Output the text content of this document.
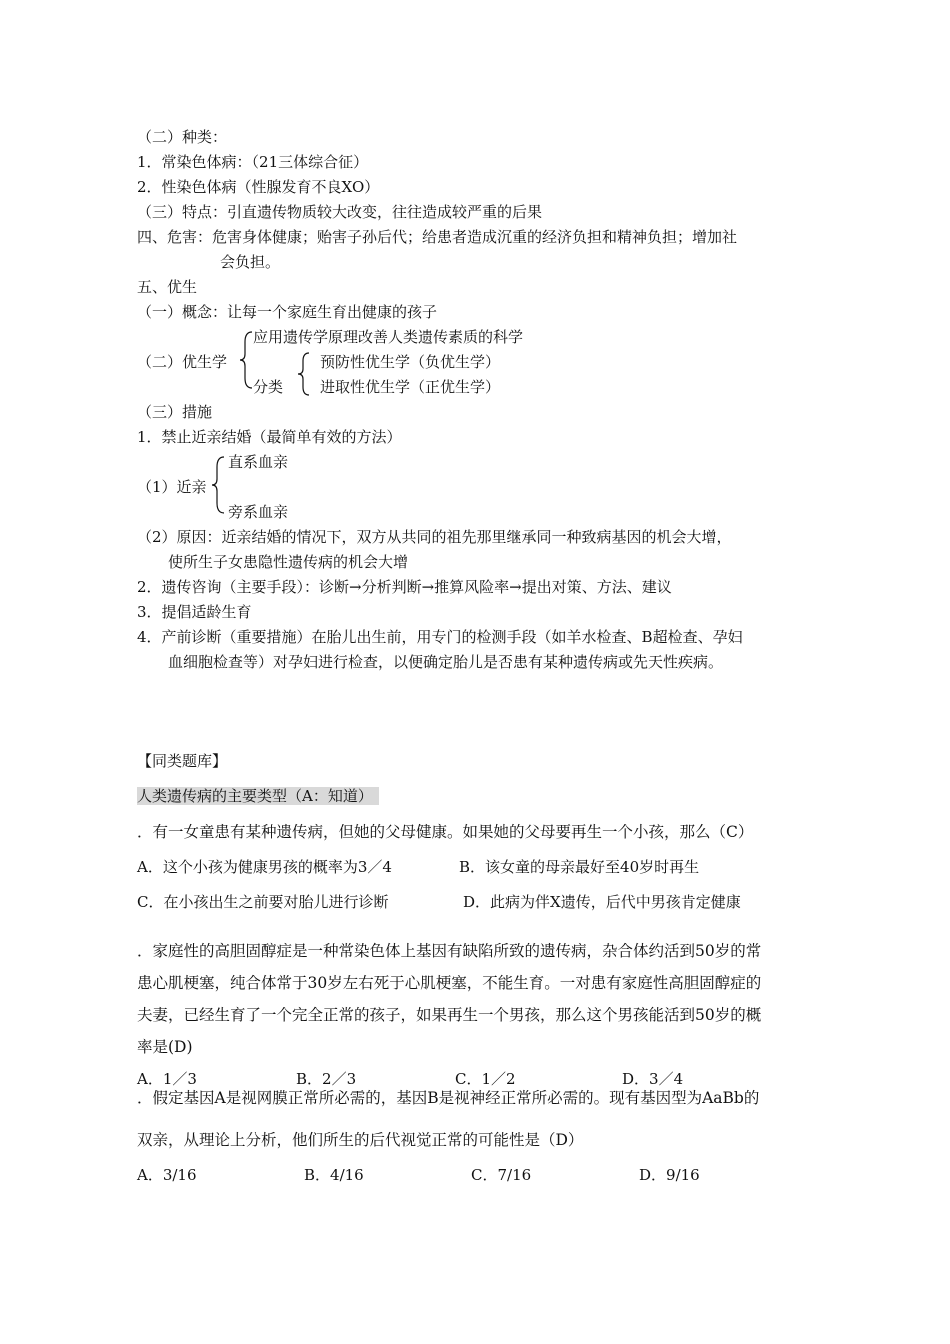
（二）种类：
1．常染色体病：（21三体综合征）
2．性染色体病（性腺发育不良XO）
（三）特点：引直遗传物质较大改变，往往造成较严重的后果
四、危害：危害身体健康；贻害子孙后代；给患者造成沉重的经济负担和精神负担；增加社
会负担。
五、优生
（一）概念：让每一个家庭生育出健康的孩子
应用遗传学原理改善人类遗传素质的科学
（二）优生学
分类
预防性优生学（负优生学）
进取性优生学（正优生学）
（三）措施
1．禁止近亲结婚（最简单有效的方法）
直系血亲
（1）近亲
旁系血亲
（2）原因：近亲结婚的情况下，双方从共同的祖先那里继承同一种致病基因的机会大增，
使所生子女患隐性遗传病的机会大增
2．遗传咨询（主要手段）：诊断→分析判断→推算风险率→提出对策、方法、建议
3．提倡适龄生育
4．产前诊断（重要措施）在胎儿出生前，用专门的检测手段（如羊水检查、B超检查、孕妇
血细胞检查等）对孕妇进行检查，以便确定胎儿是否患有某种遗传病或先天性疾病。
【同类题库】
人类遗传病的主要类型（A：知道）
．有一女童患有某种遗传病，但她的父母健康。如果她的父母要再生一个小孩，那么（C）
A．这个小孩为健康男孩的概率为3／4	B．该女童的母亲最好至40岁时再生
C．在小孩出生之前要对胎儿进行诊断	D．此病为伴X遗传，后代中男孩肯定健康
．家庭性的高胆固醇症是一种常染色体上基因有缺陷所致的遗传病，杂合体约活到50岁的常
患心肌梗塞，纯合体常于30岁左右死于心肌梗塞，不能生育。一对患有家庭性高胆固醇症的
夫妻，已经生育了一个完全正常的孩子，如果再生一个男孩，那么这个男孩能活到50岁的概
率是(D)
A．1／3	B．2／3	C．1／2	D．3／4
．假定基因A是视网膜正常所必需的，基因B是视神经正常所必需的。现有基因型为AaBb的
双亲，从理论上分析，他们所生的后代视觉正常的可能性是（D）
A．3/16	B．4/16	C．7/16	D．9/16
